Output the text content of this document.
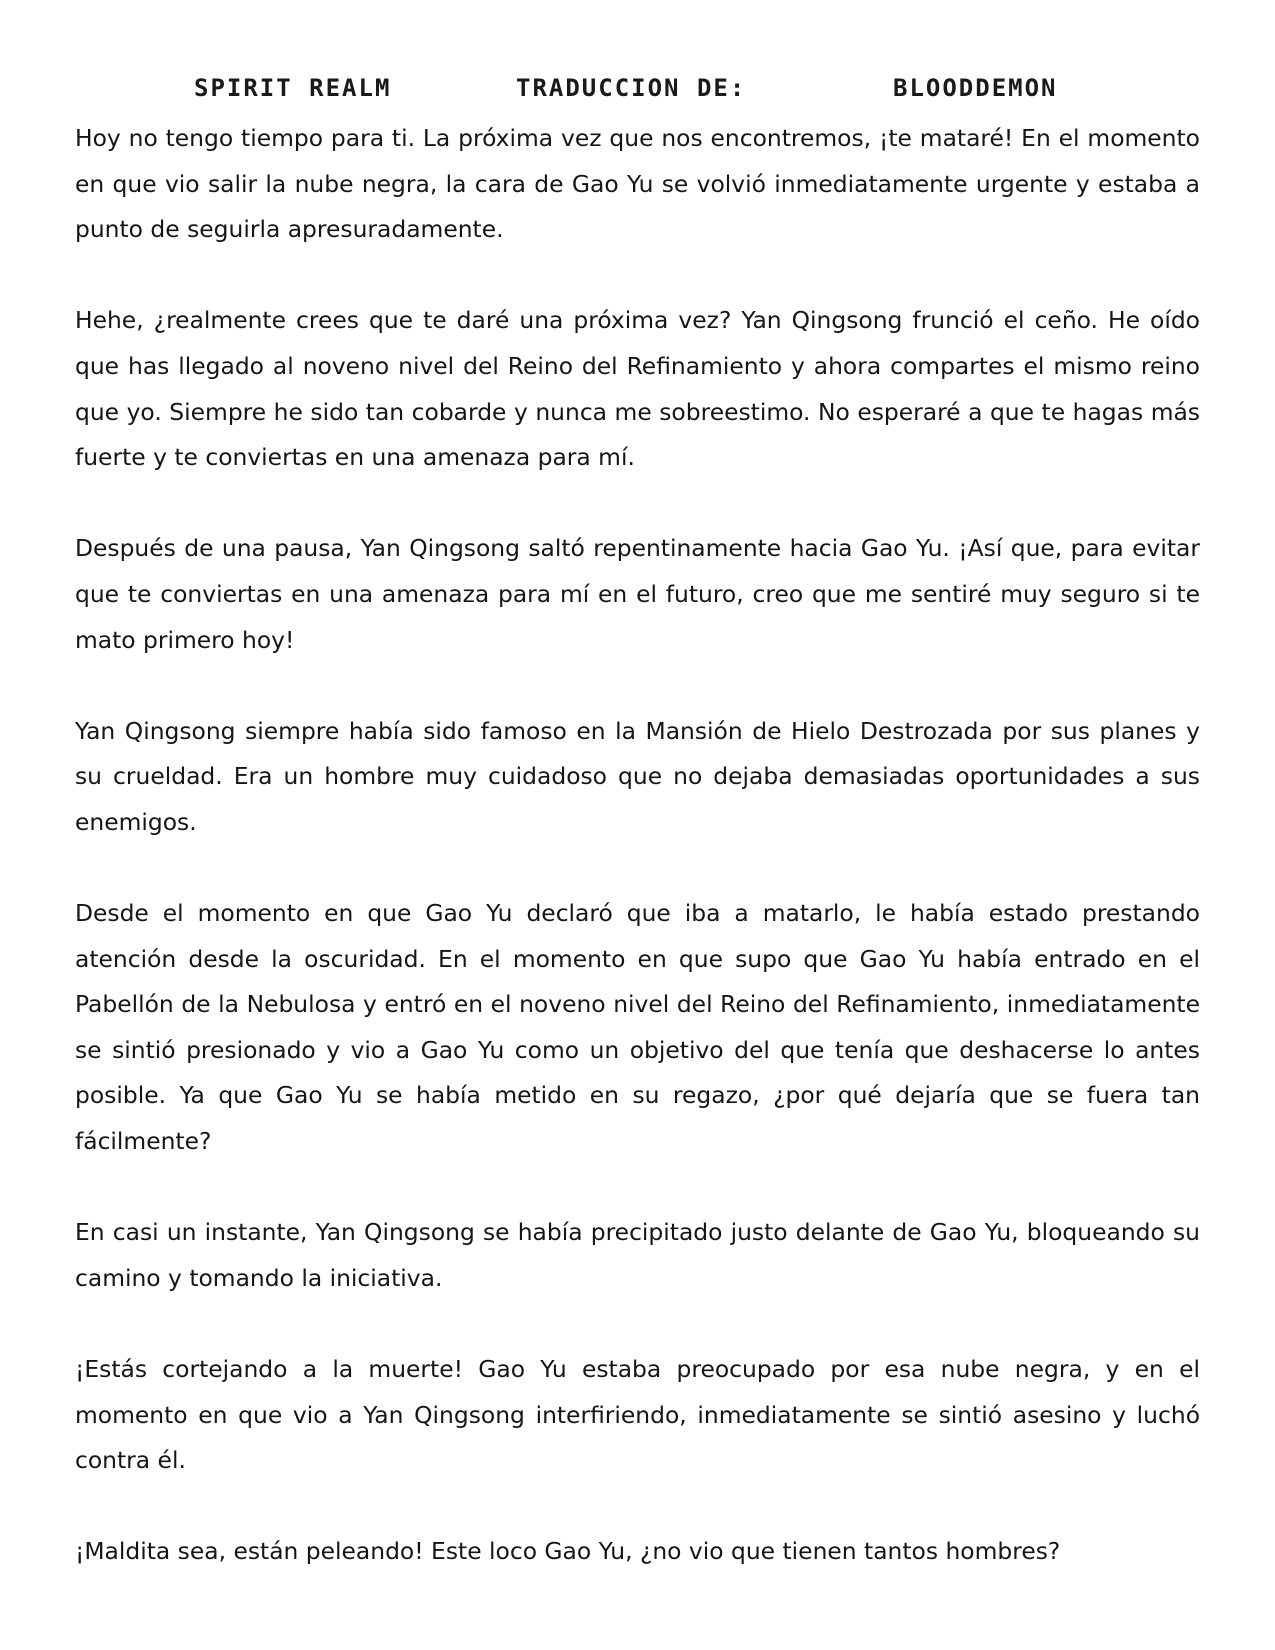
SPIRIT REALM	TRADUCCION DE:	BLOODDEMON

Hoy no tengo tiempo para ti. La próxima vez que nos encontremos, ¡te mataré! En el momento en que vio salir la nube negra, la cara de Gao Yu se volvió inmediatamente urgente y estaba a punto de seguirla apresuradamente.

Hehe, ¿realmente crees que te daré una próxima vez? Yan Qingsong frunció el ceño. He oído que has llegado al noveno nivel del Reino del Refinamiento y ahora compartes el mismo reino que yo. Siempre he sido tan cobarde y nunca me sobreestimo. No esperaré a que te hagas más fuerte y te conviertas en una amenaza para mí.

Después de una pausa, Yan Qingsong saltó repentinamente hacia Gao Yu. ¡Así que, para evitar que te conviertas en una amenaza para mí en el futuro, creo que me sentiré muy seguro si te mato primero hoy!

Yan Qingsong siempre había sido famoso en la Mansión de Hielo Destrozada por sus planes y su crueldad. Era un hombre muy cuidadoso que no dejaba demasiadas oportunidades a sus enemigos.

Desde el momento en que Gao Yu declaró que iba a matarlo, le había estado prestando atención desde la oscuridad. En el momento en que supo que Gao Yu había entrado en el Pabellón de la Nebulosa y entró en el noveno nivel del Reino del Refinamiento, inmediatamente se sintió presionado y vio a Gao Yu como un objetivo del que tenía que deshacerse lo antes posible. Ya que Gao Yu se había metido en su regazo, ¿por qué dejaría que se fuera tan fácilmente?

En casi un instante, Yan Qingsong se había precipitado justo delante de Gao Yu, bloqueando su camino y tomando la iniciativa.

¡Estás cortejando a la muerte! Gao Yu estaba preocupado por esa nube negra, y en el momento en que vio a Yan Qingsong interfiriendo, inmediatamente se sintió asesino y luchó contra él.

¡Maldita sea, están peleando! Este loco Gao Yu, ¿no vio que tienen tantos hombres?
